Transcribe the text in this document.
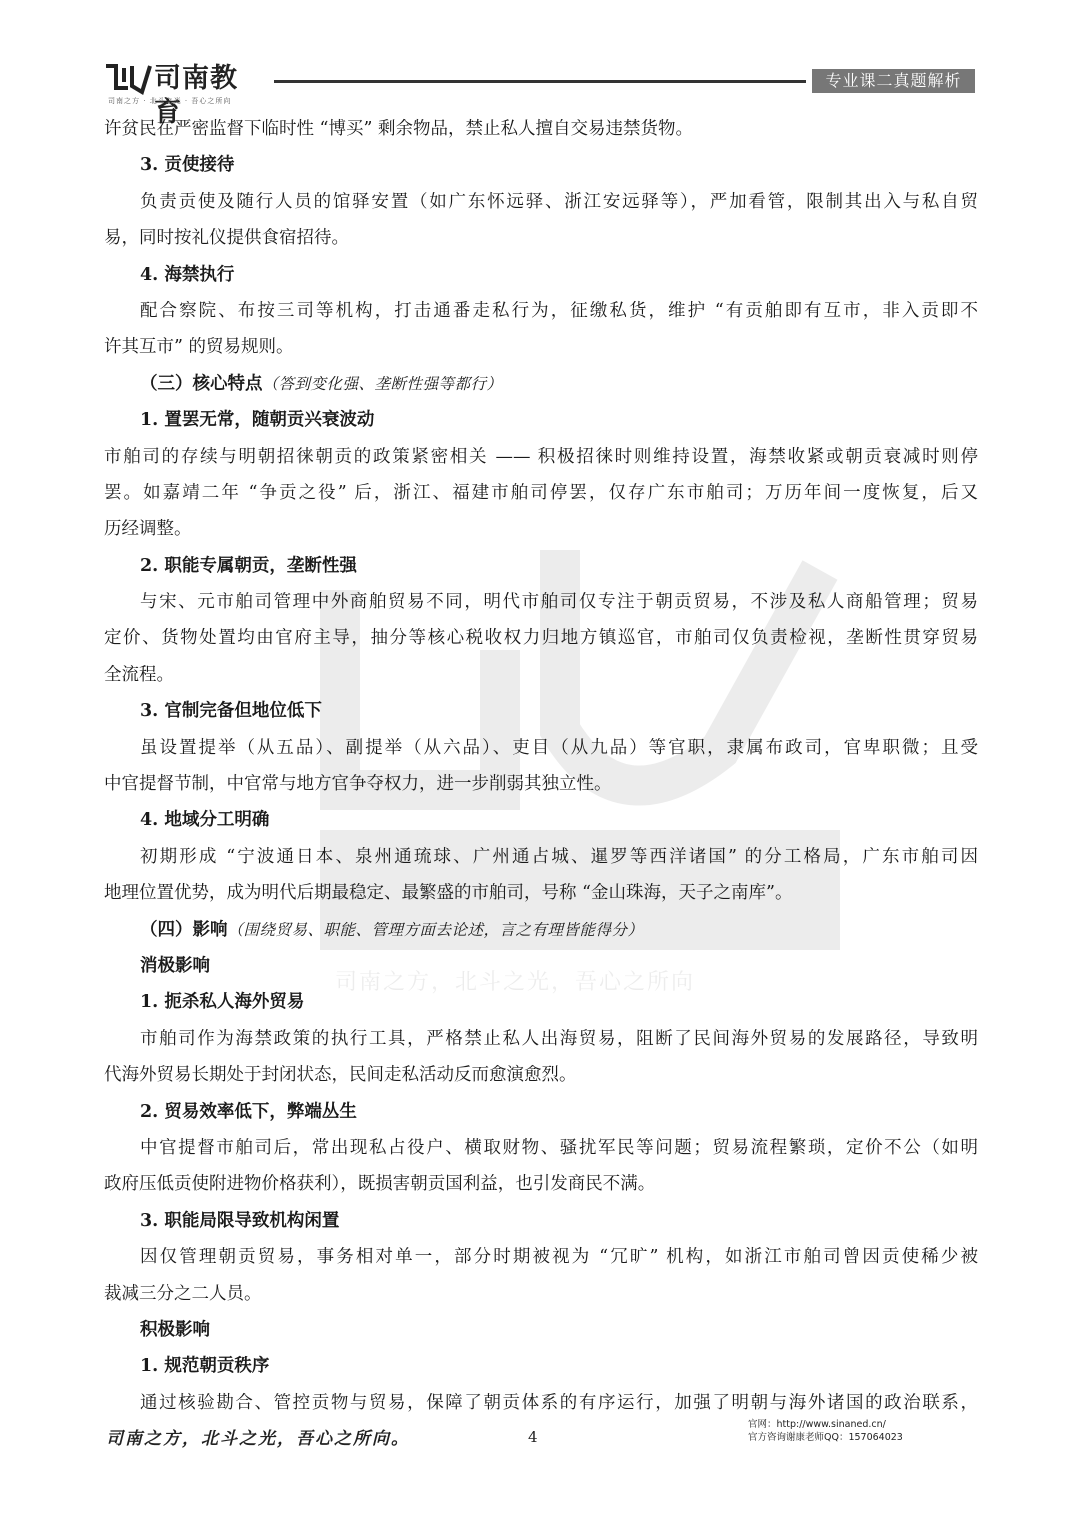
司南教育
司南之方 · 北斗之光 · 吾心之所向
专业课二真题解析
司南之方，北斗之光，吾心之所向
许贫民在严密监督下临时性 “博买” 剩余物品，禁止私人擅自交易违禁货物。
3. 贡使接待
负责贡使及随行人员的馆驿安置（如广东怀远驿、浙江安远驿等），严加看管，限制其出入与私自贸
易，同时按礼仪提供食宿招待。
4. 海禁执行
配合察院、布按三司等机构，打击通番走私行为，征缴私货，维护 “有贡舶即有互市，非入贡即不
许其互市” 的贸易规则。
（三）核心特点（答到变化强、垄断性强等都行）
1. 置罢无常，随朝贡兴衰波动
市舶司的存续与明朝招徕朝贡的政策紧密相关 —— 积极招徕时则维持设置，海禁收紧或朝贡衰减时则停
罢。如嘉靖二年 “争贡之役” 后，浙江、福建市舶司停罢，仅存广东市舶司；万历年间一度恢复，后又
历经调整。
2. 职能专属朝贡，垄断性强
与宋、元市舶司管理中外商舶贸易不同，明代市舶司仅专注于朝贡贸易，不涉及私人商船管理；贸易
定价、货物处置均由官府主导，抽分等核心税收权力归地方镇巡官，市舶司仅负责检视，垄断性贯穿贸易
全流程。
3. 官制完备但地位低下
虽设置提举（从五品）、副提举（从六品）、吏目（从九品）等官职，隶属布政司，官卑职微；且受
中官提督节制，中官常与地方官争夺权力，进一步削弱其独立性。
4. 地域分工明确
初期形成 “宁波通日本、泉州通琉球、广州通占城、暹罗等西洋诸国” 的分工格局，广东市舶司因
地理位置优势，成为明代后期最稳定、最繁盛的市舶司，号称 “金山珠海，天子之南库”。
（四）影响（围绕贸易、职能、管理方面去论述，言之有理皆能得分）
消极影响
1. 扼杀私人海外贸易
市舶司作为海禁政策的执行工具，严格禁止私人出海贸易，阻断了民间海外贸易的发展路径，导致明
代海外贸易长期处于封闭状态，民间走私活动反而愈演愈烈。
2. 贸易效率低下，弊端丛生
中官提督市舶司后，常出现私占役户、横取财物、骚扰军民等问题；贸易流程繁琐，定价不公（如明
政府压低贡使附进物价格获利），既损害朝贡国利益，也引发商民不满。
3. 职能局限导致机构闲置
因仅管理朝贡贸易，事务相对单一，部分时期被视为 “冗旷” 机构，如浙江市舶司曾因贡使稀少被
裁减三分之二人员。
积极影响
1. 规范朝贡秩序
通过核验勘合、管控贡物与贸易，保障了朝贡体系的有序运行，加强了明朝与海外诸国的政治联系，
司南之方，北斗之光，吾心之所向。	4
官网：http://www.sinaned.cn/
官方咨询谢康老师QQ：157064023
